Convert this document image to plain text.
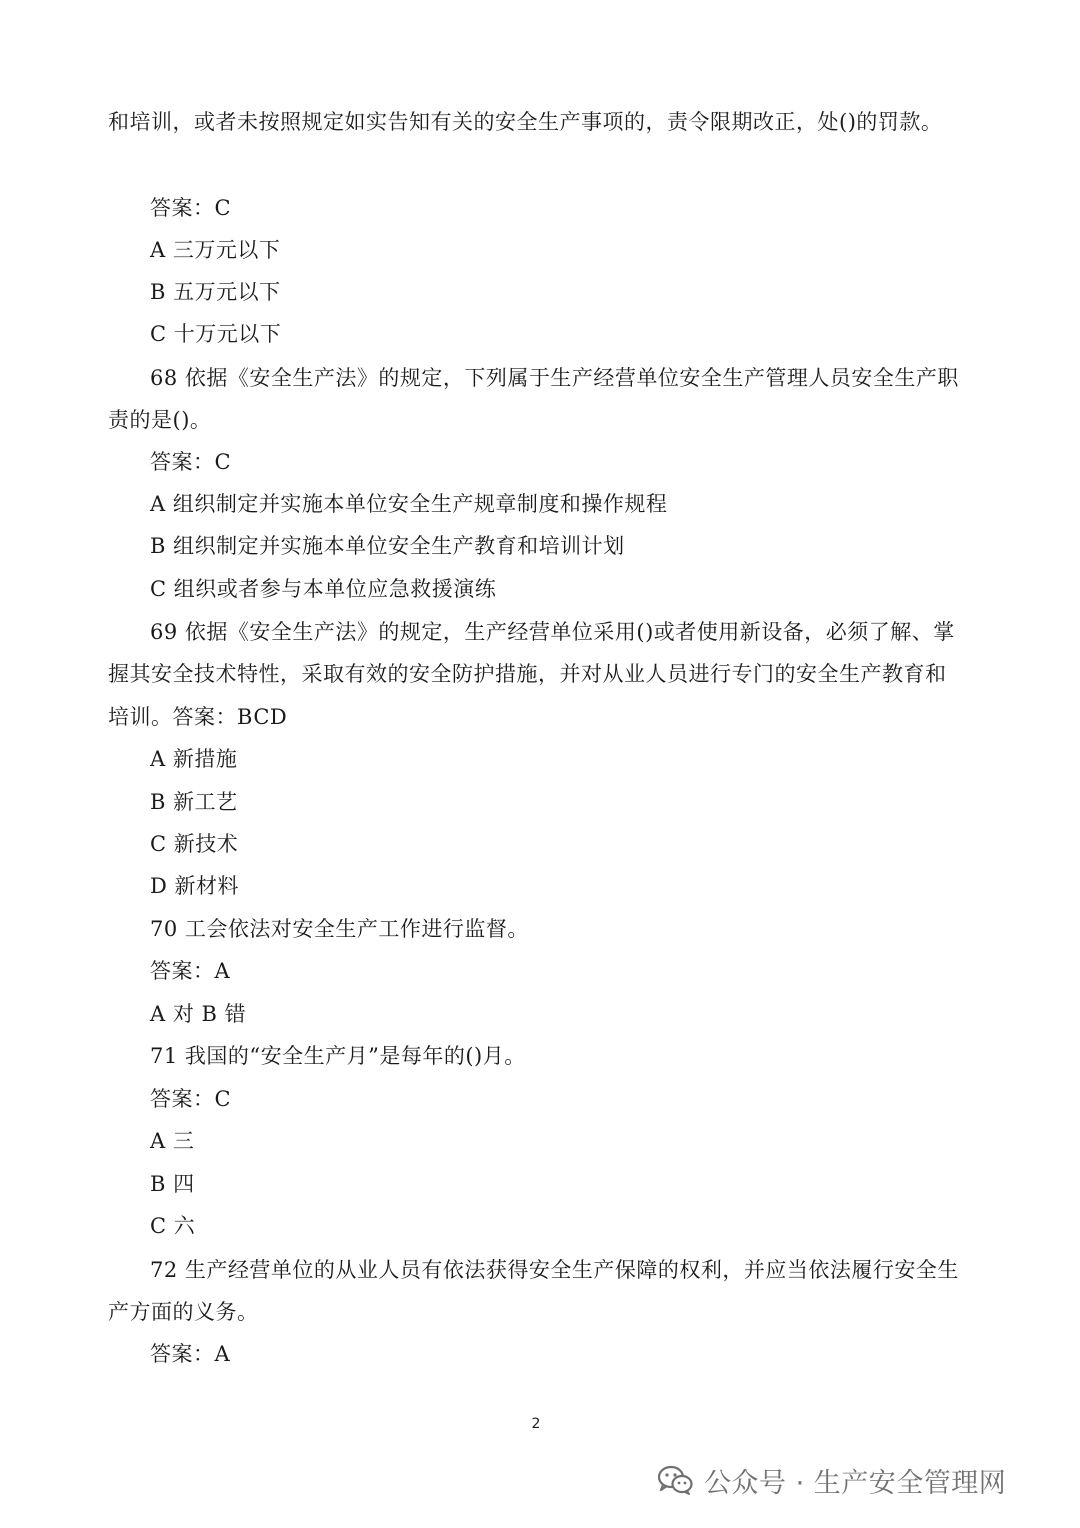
和培训，或者未按照规定如实告知有关的安全生产事项的，责令限期改正，处()的罚款。
答案：C
A 三万元以下
B 五万元以下
C 十万元以下
68 依据《安全生产法》的规定，下列属于生产经营单位安全生产管理人员安全生产职
责的是()。
答案：C
A 组织制定并实施本单位安全生产规章制度和操作规程
B 组织制定并实施本单位安全生产教育和培训计划
C 组织或者参与本单位应急救援演练
69 依据《安全生产法》的规定，生产经营单位采用()或者使用新设备，必须了解、掌
握其安全技术特性，采取有效的安全防护措施，并对从业人员进行专门的安全生产教育和
培训。答案：BCD
A 新措施
B 新工艺
C 新技术
D 新材料
70 工会依法对安全生产工作进行监督。
答案：A
A 对 B 错
71 我国的“安全生产月”是每年的()月。
答案：C
A 三
B 四
C 六
72 生产经营单位的从业人员有依法获得安全生产保障的权利，并应当依法履行安全生
产方面的义务。
答案：A
2
公众号 · 生产安全管理网
